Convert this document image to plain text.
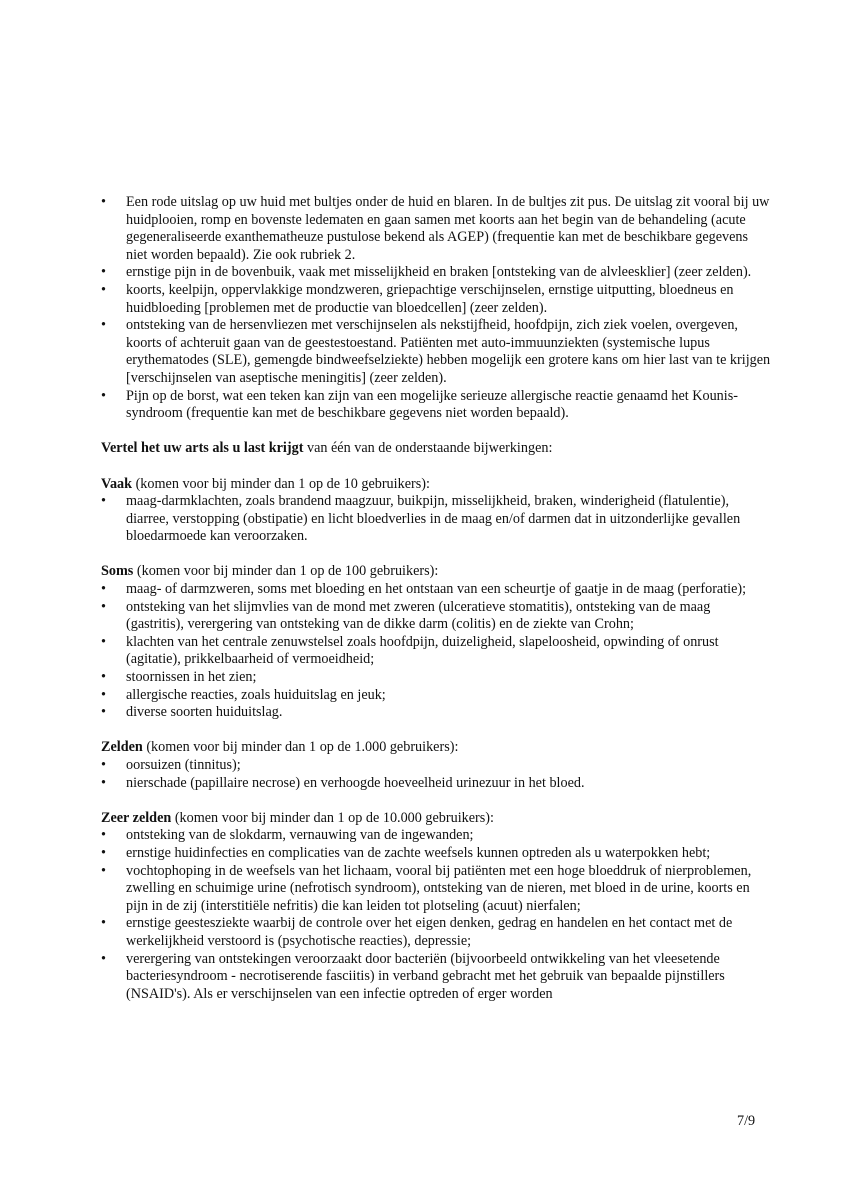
• Een rode uitslag op uw huid met bultjes onder de huid en blaren. In de bultjes zit pus. De uitslag zit vooral bij uw huidplooien, romp en bovenste ledematen en gaan samen met koorts aan het begin van de behandeling (acute gegeneraliseerde exanthematheuze pustulose bekend als AGEP) (frequentie kan met de beschikbare gegevens niet worden bepaald). Zie ook rubriek 2.
• ernstige pijn in de bovenbuik, vaak met misselijkheid en braken [ontsteking van de alvleesklier] (zeer zelden).
• koorts, keelpijn, oppervlakkige mondzweren, griepachtige verschijnselen, ernstige uitputting, bloedneus en huidbloeding [problemen met de productie van bloedcellen] (zeer zelden).
• ontsteking van de hersenvliezen met verschijnselen als nekstijfheid, hoofdpijn, zich ziek voelen, overgeven, koorts of achteruit gaan van de geestestoestand. Patiënten met auto-immuunziekten (systemische lupus erythematodes (SLE), gemengde bindweefselziekte) hebben mogelijk een grotere kans om hier last van te krijgen [verschijnselen van aseptische meningitis] (zeer zelden).
• Pijn op de borst, wat een teken kan zijn van een mogelijke serieuze allergische reactie genaamd het Kounis-syndroom (frequentie kan met de beschikbare gegevens niet worden bepaald).

Vertel het uw arts als u last krijgt van één van de onderstaande bijwerkingen:

Vaak (komen voor bij minder dan 1 op de 10 gebruikers):

• maag-darmklachten, zoals brandend maagzuur, buikpijn, misselijkheid, braken, winderigheid (flatulentie), diarree, verstopping (obstipatie) en licht bloedverlies in de maag en/of darmen dat in uitzonderlijke gevallen bloedarmoede kan veroorzaken.

Soms (komen voor bij minder dan 1 op de 100 gebruikers):

• maag- of darmzweren, soms met bloeding en het ontstaan van een scheurtje of gaatje in de maag (perforatie);
• ontsteking van het slijmvlies van de mond met zweren (ulceratieve stomatitis), ontsteking van de maag (gastritis), verergering van ontsteking van de dikke darm (colitis) en de ziekte van Crohn;
• klachten van het centrale zenuwstelsel zoals hoofdpijn, duizeligheid, slapeloosheid, opwinding of onrust (agitatie), prikkelbaarheid of vermoeidheid;
• stoornissen in het zien;
• allergische reacties, zoals huiduitslag en jeuk;
• diverse soorten huiduitslag.

Zelden (komen voor bij minder dan 1 op de 1.000 gebruikers):

• oorsuizen (tinnitus);
• nierschade (papillaire necrose) en verhoogde hoeveelheid urinezuur in het bloed.

Zeer zelden (komen voor bij minder dan 1 op de 10.000 gebruikers):

• ontsteking van de slokdarm, vernauwing van de ingewanden;
• ernstige huidinfecties en complicaties van de zachte weefsels kunnen optreden als u waterpokken hebt;
• vochtophoping in de weefsels van het lichaam, vooral bij patiënten met een hoge bloeddruk of nierproblemen, zwelling en schuimige urine (nefrotisch syndroom), ontsteking van de nieren, met bloed in de urine, koorts en pijn in de zij (interstitiële nefritis) die kan leiden tot plotseling (acuut) nierfalen;
• ernstige geestesziekte waarbij de controle over het eigen denken, gedrag en handelen en het contact met de werkelijkheid verstoord is (psychotische reacties), depressie;
• verergering van ontstekingen veroorzaakt door bacteriën (bijvoorbeeld ontwikkeling van het vleesetende bacteriesyndroom - necrotiserende fasciitis) in verband gebracht met het gebruik van bepaalde pijnstillers (NSAID's). Als er verschijnselen van een infectie optreden of erger worden
7/9
